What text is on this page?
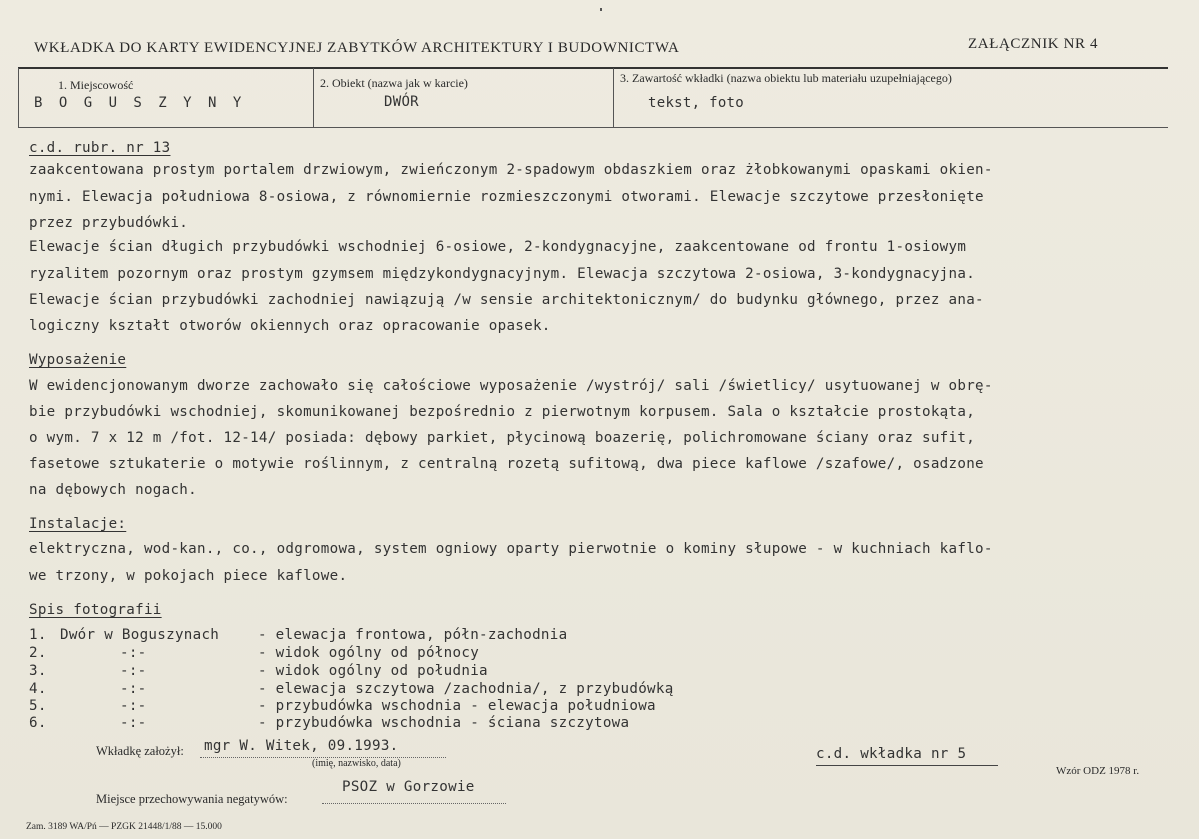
WKŁADKA DO KARTY EWIDENCYJNEJ ZABYTKÓW ARCHITEKTURY I BUDOWNICTWA	ZAŁĄCZNIK NR 4
1. Miejscowość
B O G U S Z Y N Y
2. Obiekt (nazwa jak w karcie)
DWÓR
3. Zawartość wkładki (nazwa obiektu lub materiału uzupełniającego)
tekst, foto
c.d. rubr. nr 13
zaakcentowana prostym portalem drzwiowym, zwieńczonym 2-spadowym obdaszkiem oraz żłobkowanymi opaskami okien-
nymi. Elewacja południowa 8-osiowa, z równomiernie rozmieszczonymi otworami. Elewacje szczytowe przesłonięte
przez przybudówki.
Elewacje ścian długich przybudówki wschodniej 6-osiowe, 2-kondygnacyjne, zaakcentowane od frontu 1-osiowym
ryzalitem pozornym oraz prostym gzymsem międzykondygnacyjnym. Elewacja szczytowa 2-osiowa, 3-kondygnacyjna.
Elewacje ścian przybudówki zachodniej nawiązują /w sensie architektonicznym/ do budynku głównego, przez ana-
logiczny kształt otworów okiennych oraz opracowanie opasek.
Wyposażenie
W ewidencjonowanym dworze zachowało się całościowe wyposażenie /wystrój/ sali /świetlicy/ usytuowanej w obrę-
bie przybudówki wschodniej, skomunikowanej bezpośrednio z pierwotnym korpusem. Sala o kształcie prostokąta,
o wym. 7 x 12 m /fot. 12-14/ posiada: dębowy parkiet, płycinową boazerię, polichromowane ściany oraz sufit,
fasetowe sztukaterie o motywie roślinnym, z centralną rozetą sufitową, dwa piece kaflowe /szafowe/, osadzone
na dębowych nogach.
Instalacje:
elektryczna, wod-kan., co., odgromowa, system ogniowy oparty pierwotnie o kominy słupowe - w kuchniach kaflo-
we trzony, w pokojach piece kaflowe.
Spis fotografii
1. Dwór w Boguszynach	- elewacja frontowa, półn-zachodnia
2.	-:-	- widok ogólny od północy
3.	-:-	- widok ogólny od południa
4.	-:-	- elewacja szczytowa /zachodnia/, z przybudówką
5.	-:-	- przybudówka wschodnia - elewacja południowa
6.	-:-	- przybudówka wschodnia - ściana szczytowa
Wkładkę założył: mgr W. Witek, 09.1993.
(imię, nazwisko, data)
c.d. wkładka nr 5
Wzór ODZ 1978 r.
Miejsce przechowywania negatywów:
PSOZ w Gorzowie
Zam. 3189 WA/Pń — PZGK 21448/1/88 — 15.000
